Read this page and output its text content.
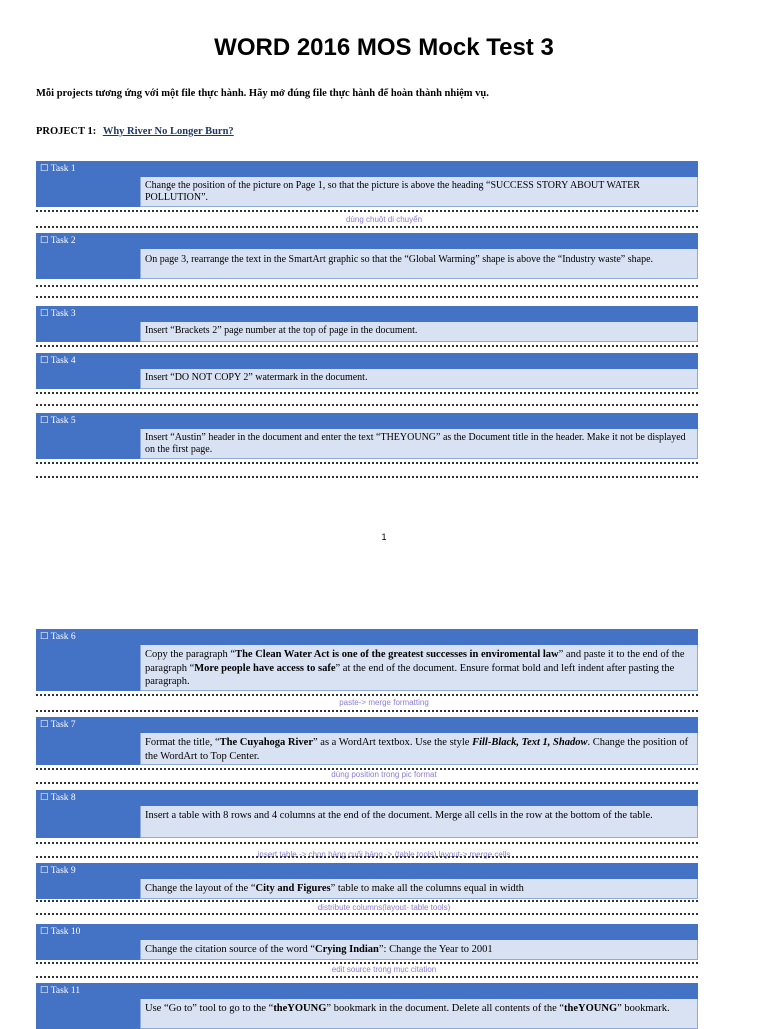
WORD 2016 MOS Mock Test 3

Mỗi projects tương ứng với một file thực hành. Hãy mở đúng file thực hành để hoàn thành nhiệm vụ.

PROJECT 1: Why River No Longer Burn?
☐ Task 1
Change the position of the picture on Page 1, so that the picture is above the heading “SUCCESS STORY ABOUT WATER POLLUTION”.
dùng chuột di chuyển
☐ Task 2
On page 3, rearrange the text in the SmartArt graphic so that the “Global Warming” shape is above the “Industry waste” shape.
☐ Task 3
Insert “Brackets 2” page number at the top of page in the document.
☐ Task 4
Insert “DO NOT COPY 2” watermark in the document.
☐ Task 5
Insert “Austin” header in the document and enter the text “THEYOUNG” as the Document title in the header. Make it not be displayed on the first page.
1
☐ Task 6
Copy the paragraph “The Clean Water Act is one of the greatest successes in enviromental law” and paste it to the end of the paragraph “More people have access to safe” at the end of the document. Ensure format bold and left indent after pasting the paragraph.
paste-> merge formatting
☐ Task 7
Format the title, “The Cuyahoga River” as a WordArt textbox. Use the style Fill-Black, Text 1, Shadow. Change the position of the WordArt to Top Center.
dùng position trong pic format
☐ Task 8
Insert a table with 8 rows and 4 columns at the end of the document. Merge all cells in the row at the bottom of the table.
insert table -> chọn hàng cuối bảng -> (table tools) layout-> merge cells
☐ Task 9
Change the layout of the “City and Figures” table to make all the columns equal in width
distribute columns(layout- table tools)
☐ Task 10
Change the citation source of the word “Crying Indian”: Change the Year to 2001
edit source trong mục citation
☐ Task 11
Use “Go to” tool to go to the “theYOUNG” bookmark in the document. Delete all contents of the “theYOUNG” bookmark.
